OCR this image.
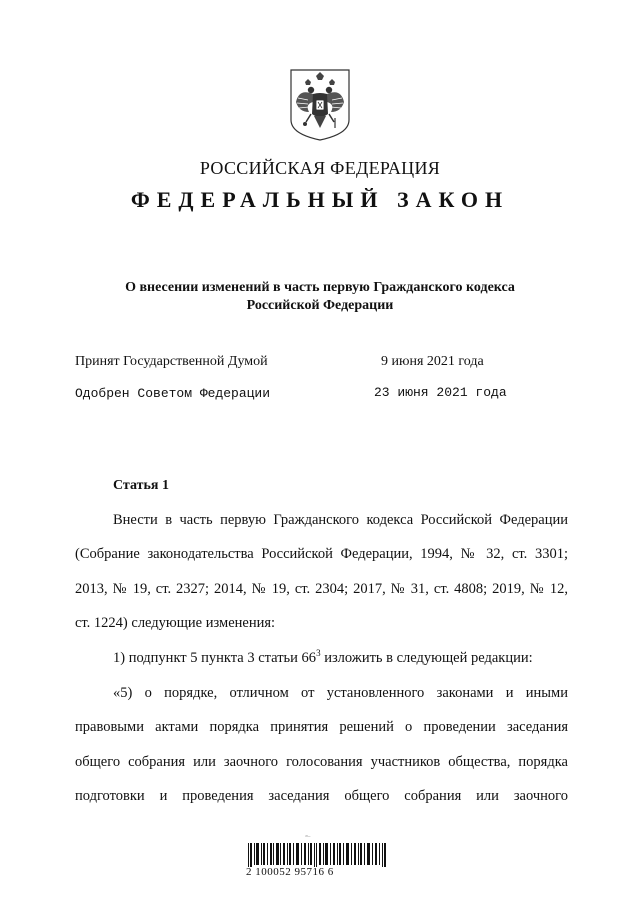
РОССИЙСКАЯ ФЕДЕРАЦИЯ
ФЕДЕРАЛЬНЫЙ ЗАКОН
О внесении изменений в часть первую Гражданского кодекса
Российской Федерации
Принят Государственной Думой	9 июня 2021 года
Одобрен Советом Федерации	23 июня 2021 года
Статья 1
Внести в часть первую Гражданского кодекса Российской Федерации
(Собрание законодательства Российской Федерации, 1994, № 32, ст. 3301;
2013, № 19, ст. 2327; 2014, № 19, ст. 2304; 2017, № 31, ст. 4808; 2019, № 12,
ст. 1224) следующие изменения:
1) подпункт 5 пункта 3 статьи $66^3$ изложить в следующей редакции:
«5) о порядке, отличном от установленного законами и иными
правовыми актами порядка принятия решений о проведении заседания
общего собрания или заочного голосования участников общества, порядка
подготовки и проведения заседания общего собрания или заочного
2 100052 95716 6
